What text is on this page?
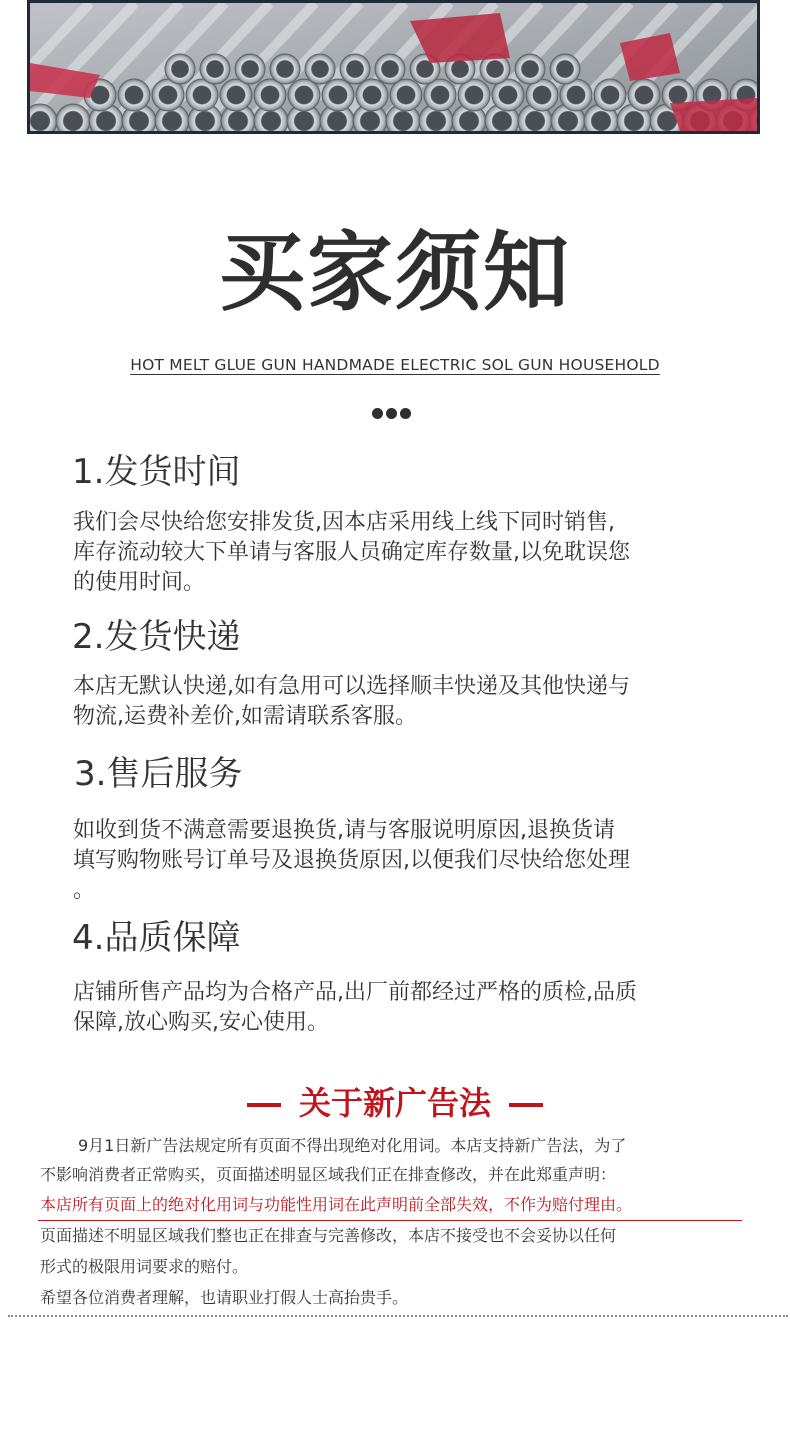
买家须知
HOT MELT GLUE GUN HANDMADE ELECTRIC SOL GUN HOUSEHOLD
1.发货时间
我们会尽快给您安排发货,因本店采用线上线下同时销售,
库存流动较大下单请与客服人员确定库存数量,以免耽误您
的使用时间。
2.发货快递
本店无默认快递,如有急用可以选择顺丰快递及其他快递与
物流,运费补差价,如需请联系客服。
3.售后服务
如收到货不满意需要退换货,请与客服说明原因,退换货请
填写购物账号订单号及退换货原因,以便我们尽快给您处理
。
4.品质保障
店铺所售产品均为合格产品,出厂前都经过严格的质检,品质
保障,放心购买,安心使用。
关于新广告法
9月1日新广告法规定所有页面不得出现绝对化用词。本店支持新广告法，为了
不影响消费者正常购买，页面描述明显区域我们正在排查修改，并在此郑重声明：
本店所有页面上的绝对化用词与功能性用词在此声明前全部失效，不作为赔付理由。
页面描述不明显区域我们整也正在排查与完善修改，本店不接受也不会妥协以任何
形式的极限用词要求的赔付。
希望各位消费者理解，也请职业打假人士高抬贵手。
